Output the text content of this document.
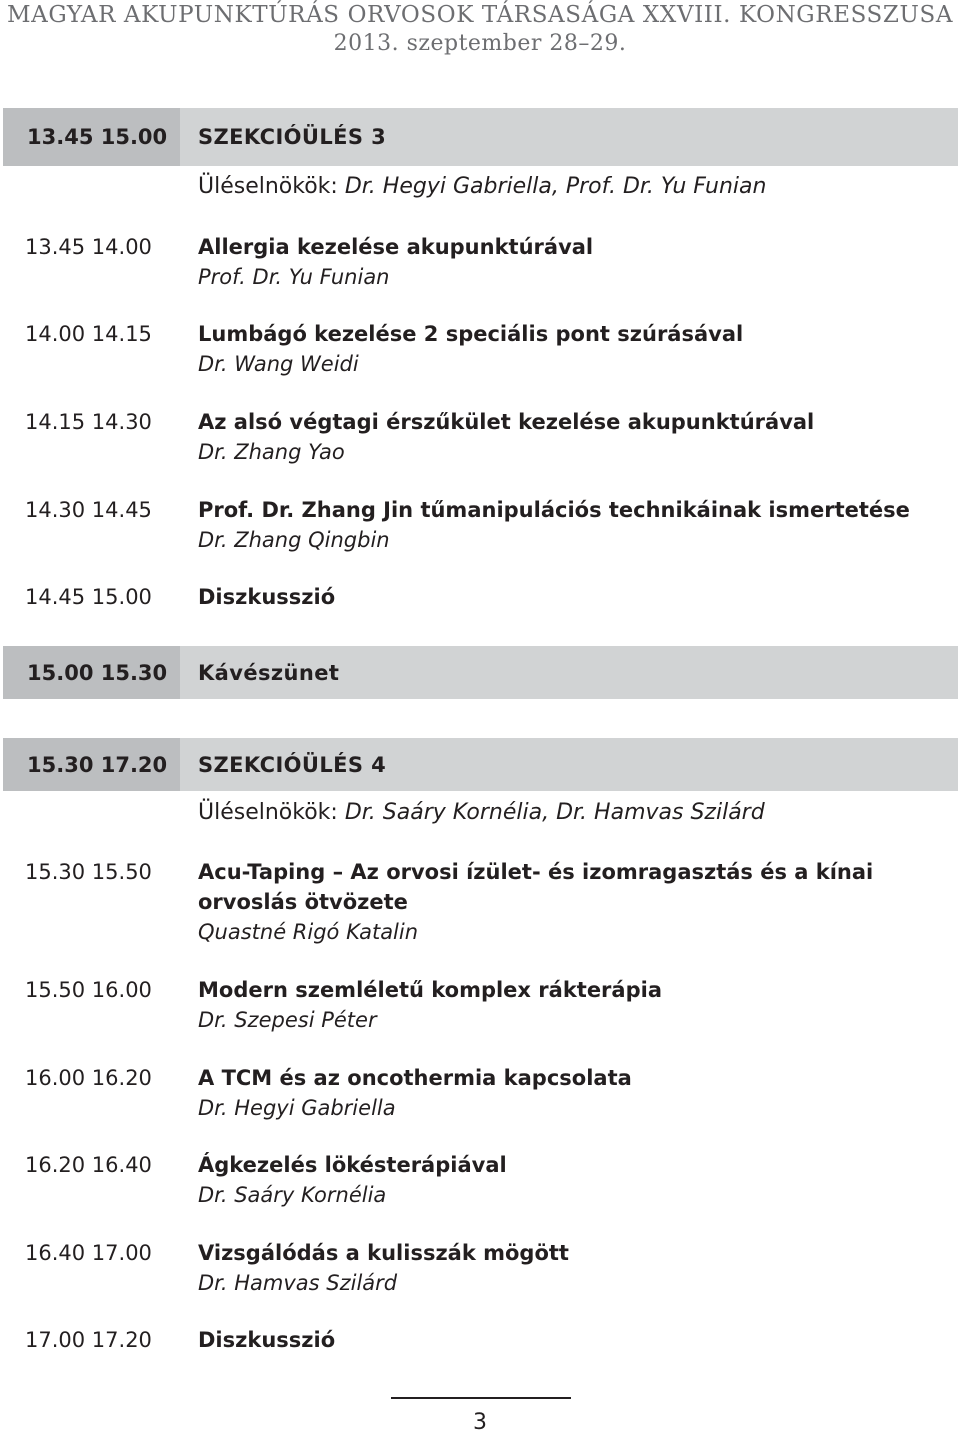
MAGYAR AKUPUNKTÚRÁS ORVOSOK TÁRSASÁGA XXVIII. KONGRESSZUSA
2013. szeptember 28–29.
13.45 15.00	SZEKCIÓÜLÉS 3
Üléselnökök: Dr. Hegyi Gabriella, Prof. Dr. Yu Funian
13.45 14.00 Allergia kezelése akupunktúrával
Prof. Dr. Yu Funian
14.00 14.15 Lumbágó kezelése 2 speciális pont szúrásával
Dr. Wang Weidi
14.15 14.30 Az alsó végtagi érszűkület kezelése akupunktúrával
Dr. Zhang Yao
14.30 14.45 Prof. Dr. Zhang Jin tűmanipulációs technikáinak ismertetése
Dr. Zhang Qingbin
14.45 15.00 Diszkusszió
15.00 15.30	Kávészünet
15.30 17.20	SZEKCIÓÜLÉS 4
Üléselnökök: Dr. Saáry Kornélia, Dr. Hamvas Szilárd
15.30 15.50 Acu-Taping – Az orvosi ízület- és izomragasztás és a kínai orvoslás ötvözete
Quastné Rigó Katalin
15.50 16.00 Modern szemléletű komplex rákterápia
Dr. Szepesi Péter
16.00 16.20 A TCM és az oncothermia kapcsolata
Dr. Hegyi Gabriella
16.20 16.40 Ágkezelés lökésterápiával
Dr. Saáry Kornélia
16.40 17.00 Vizsgálódás a kulisszák mögött
Dr. Hamvas Szilárd
17.00 17.20 Diszkusszió
3
